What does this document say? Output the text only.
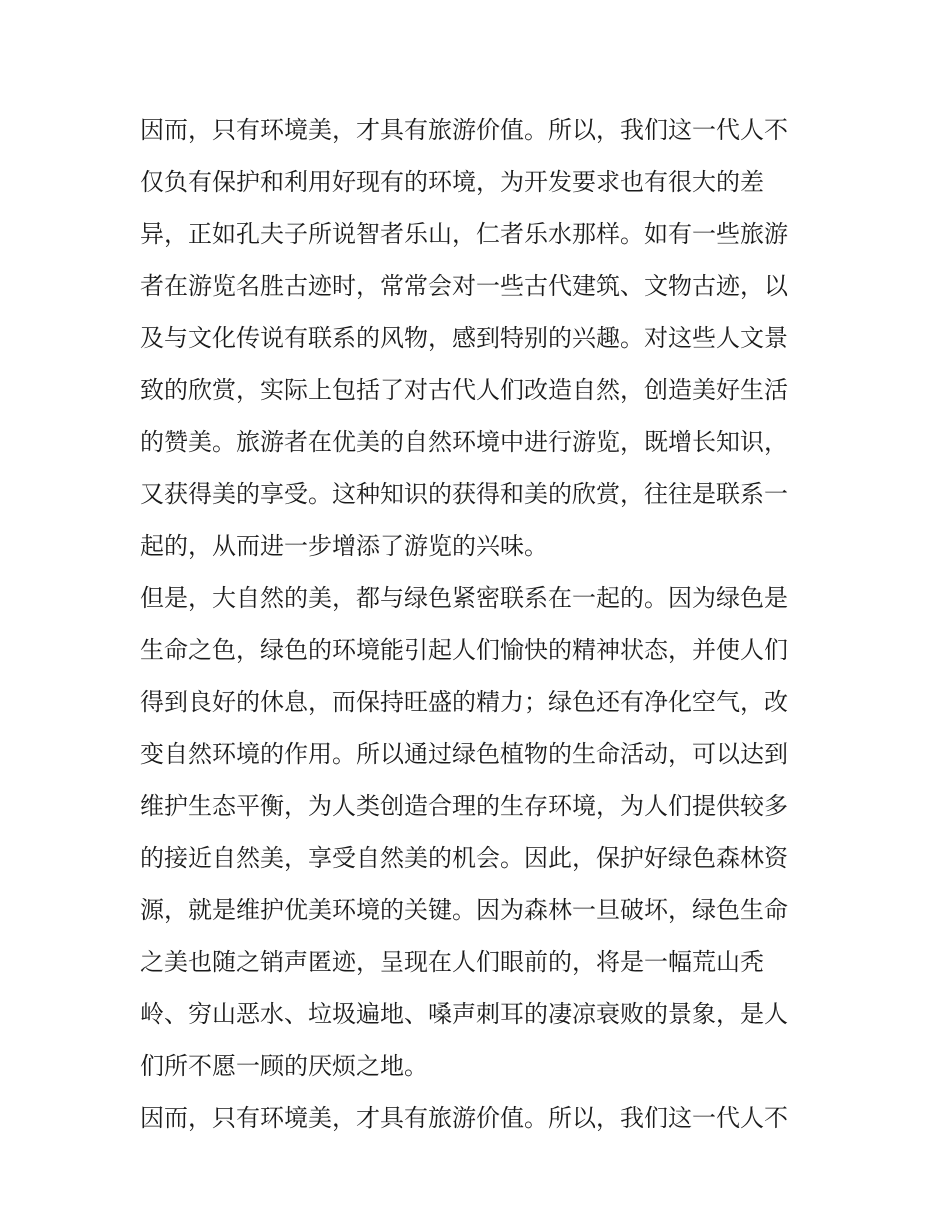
因而，只有环境美，才具有旅游价值。所以，我们这一代人不
仅负有保护和利用好现有的环境，为开发要求也有很大的差
异，正如孔夫子所说智者乐山，仁者乐水那样。如有一些旅游
者在游览名胜古迹时，常常会对一些古代建筑、文物古迹，以
及与文化传说有联系的风物，感到特别的兴趣。对这些人文景
致的欣赏，实际上包括了对古代人们改造自然，创造美好生活
的赞美。旅游者在优美的自然环境中进行游览，既增长知识，
又获得美的享受。这种知识的获得和美的欣赏，往往是联系一
起的，从而进一步增添了游览的兴味。
但是，大自然的美，都与绿色紧密联系在一起的。因为绿色是
生命之色，绿色的环境能引起人们愉快的精神状态，并使人们
得到良好的休息，而保持旺盛的精力；绿色还有净化空气，改
变自然环境的作用。所以通过绿色植物的生命活动，可以达到
维护生态平衡，为人类创造合理的生存环境，为人们提供较多
的接近自然美，享受自然美的机会。因此，保护好绿色森林资
源，就是维护优美环境的关键。因为森林一旦破坏，绿色生命
之美也随之销声匿迹，呈现在人们眼前的，将是一幅荒山秃
岭、穷山恶水、垃圾遍地、嗓声刺耳的凄凉衰败的景象，是人
们所不愿一顾的厌烦之地。
因而，只有环境美，才具有旅游价值。所以，我们这一代人不
